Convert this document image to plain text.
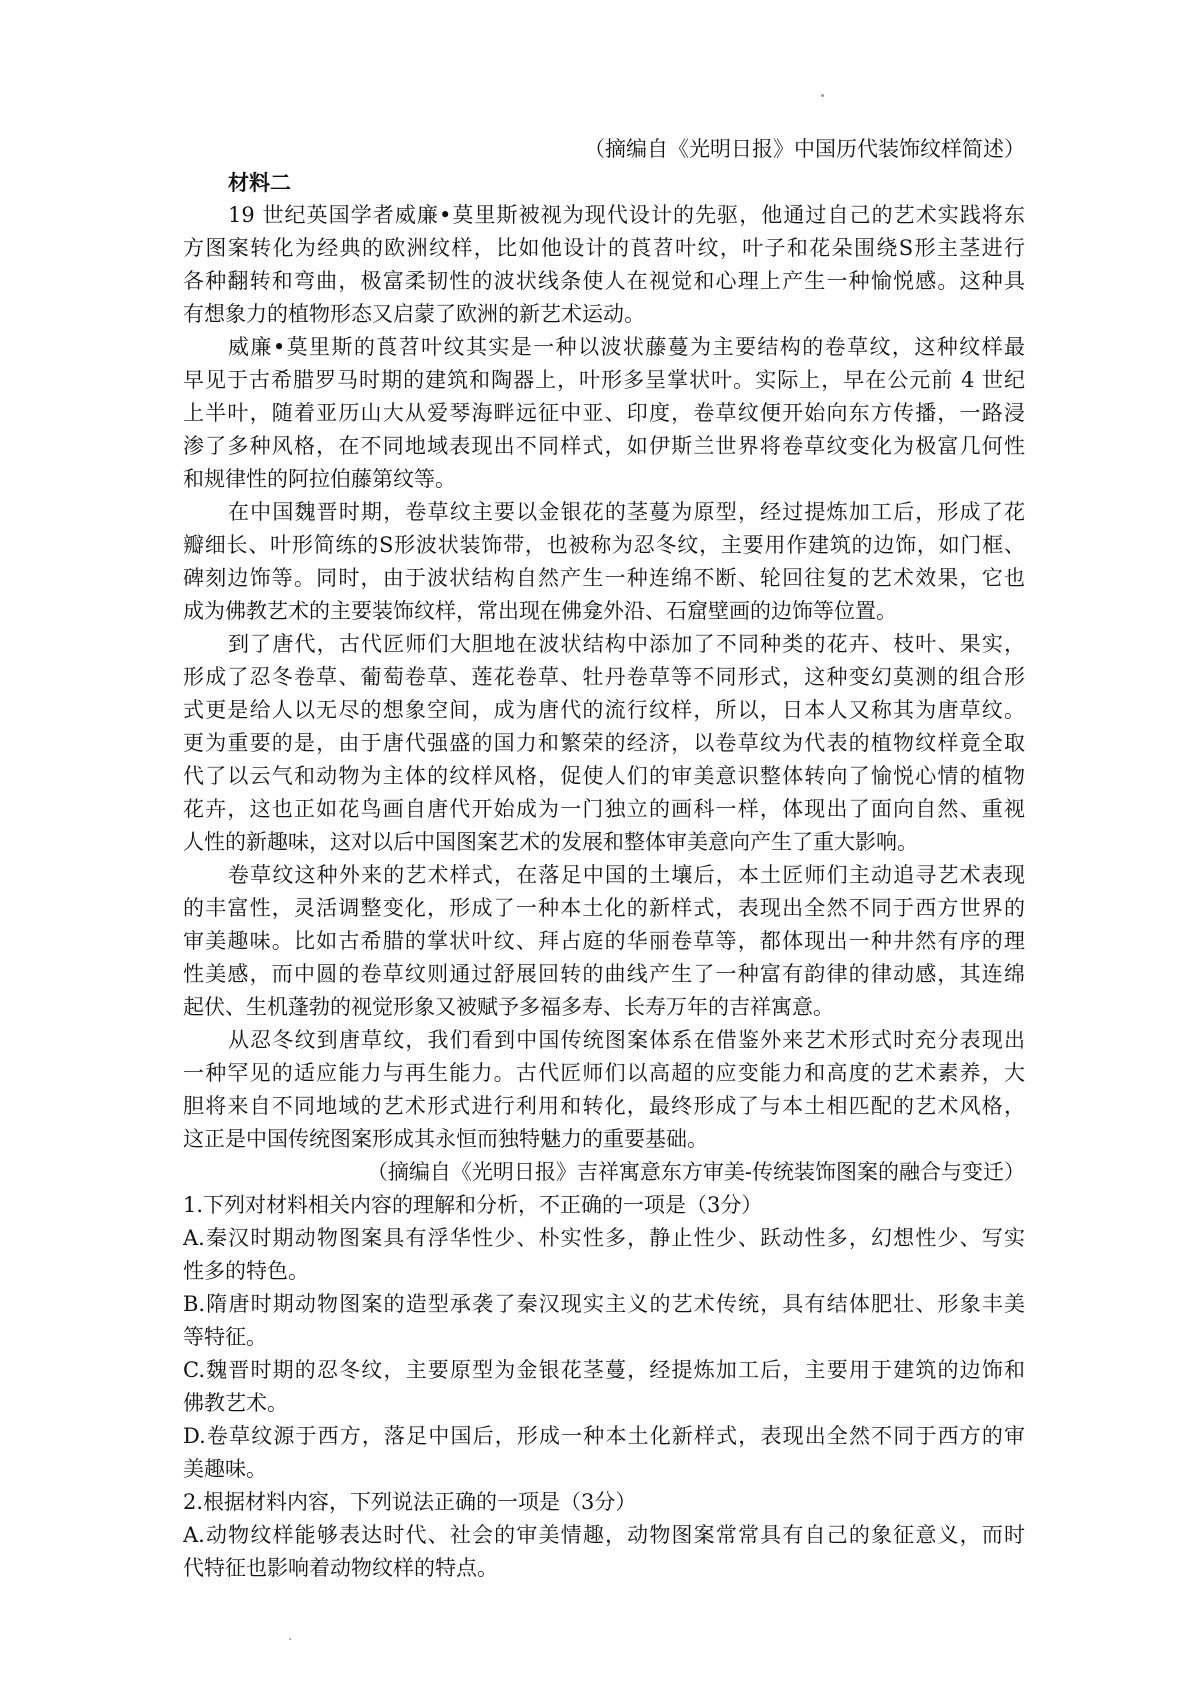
（摘编自《光明日报》中国历代装饰纹样简述）
材料二
19 世纪英国学者威廉•莫里斯被视为现代设计的先驱，他通过自己的艺术实践将东
方图案转化为经典的欧洲纹样，比如他设计的莨苕叶纹，叶子和花朵围绕S形主茎进行
各种翻转和弯曲，极富柔韧性的波状线条使人在视觉和心理上产生一种愉悦感。这种具
有想象力的植物形态又启蒙了欧洲的新艺术运动。
威廉•莫里斯的莨苕叶纹其实是一种以波状藤蔓为主要结构的卷草纹，这种纹样最
早见于古希腊罗马时期的建筑和陶器上，叶形多呈掌状叶。实际上，早在公元前 4 世纪
上半叶，随着亚历山大从爱琴海畔远征中亚、印度，卷草纹便开始向东方传播，一路浸
渗了多种风格，在不同地域表现出不同样式，如伊斯兰世界将卷草纹变化为极富几何性
和规律性的阿拉伯藤第纹等。
在中国魏晋时期，卷草纹主要以金银花的茎蔓为原型，经过提炼加工后，形成了花
瓣细长、叶形简练的S形波状装饰带，也被称为忍冬纹，主要用作建筑的边饰，如门框、
碑刻边饰等。同时，由于波状结构自然产生一种连绵不断、轮回往复的艺术效果，它也
成为佛教艺术的主要装饰纹样，常出现在佛龛外沿、石窟壁画的边饰等位置。
到了唐代，古代匠师们大胆地在波状结构中添加了不同种类的花卉、枝叶、果实，
形成了忍冬卷草、葡萄卷草、莲花卷草、牡丹卷草等不同形式，这种变幻莫测的组合形
式更是给人以无尽的想象空间，成为唐代的流行纹样，所以，日本人又称其为唐草纹。
更为重要的是，由于唐代强盛的国力和繁荣的经济，以卷草纹为代表的植物纹样竟全取
代了以云气和动物为主体的纹样风格，促使人们的审美意识整体转向了愉悦心情的植物
花卉，这也正如花鸟画自唐代开始成为一门独立的画科一样，体现出了面向自然、重视
人性的新趣味，这对以后中国图案艺术的发展和整体审美意向产生了重大影响。
卷草纹这种外来的艺术样式，在落足中国的土壤后，本土匠师们主动追寻艺术表现
的丰富性，灵活调整变化，形成了一种本土化的新样式，表现出全然不同于西方世界的
审美趣味。比如古希腊的掌状叶纹、拜占庭的华丽卷草等，都体现出一种井然有序的理
性美感，而中圆的卷草纹则通过舒展回转的曲线产生了一种富有韵律的律动感，其连绵
起伏、生机蓬勃的视觉形象又被赋予多福多寿、长寿万年的吉祥寓意。
从忍冬纹到唐草纹，我们看到中国传统图案体系在借鉴外来艺术形式时充分表现出
一种罕见的适应能力与再生能力。古代匠师们以高超的应变能力和高度的艺术素养，大
胆将来自不同地域的艺术形式进行利用和转化，最终形成了与本土相匹配的艺术风格，
这正是中国传统图案形成其永恒而独特魅力的重要基础。
（摘编自《光明日报》吉祥寓意东方审美-传统装饰图案的融合与变迁）
1.下列对材料相关内容的理解和分析，不正确的一项是（3分）
A.秦汉时期动物图案具有浮华性少、朴实性多，静止性少、跃动性多，幻想性少、写实
性多的特色。
B.隋唐时期动物图案的造型承袭了秦汉现实主义的艺术传统，具有结体肥壮、形象丰美
等特征。
C.魏晋时期的忍冬纹，主要原型为金银花茎蔓，经提炼加工后，主要用于建筑的边饰和
佛教艺术。
D.卷草纹源于西方，落足中国后，形成一种本土化新样式，表现出全然不同于西方的审
美趣味。
2.根据材料内容，下列说法正确的一项是（3分）
A.动物纹样能够表达时代、社会的审美情趣，动物图案常常具有自己的象征意义，而时
代特征也影响着动物纹样的特点。
